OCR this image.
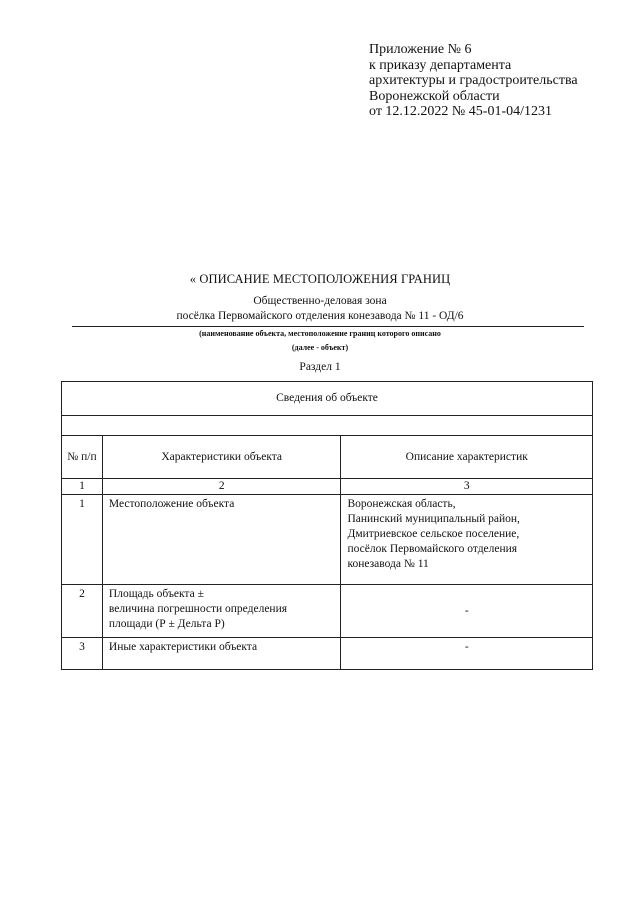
Приложение № 6
к приказу департамента
архитектуры и градостроительства
Воронежской области
от 12.12.2022 № 45-01-04/1231
« ОПИСАНИЕ МЕСТОПОЛОЖЕНИЯ ГРАНИЦ
Общественно-деловая зона
посёлка Первомайского отделения конезавода № 11 - ОД/6
(наименование объекта, местоположение границ которого описано
(далее - объект)
Раздел 1
Сведения об объекте		

№ п/п	Характеристики объекта	Описание характеристик
1	2	3
1	Местоположение объекта	Воронежская область,
Панинский муниципальный район,
Дмитриевское сельское поселение,
посёлок Первомайского отделения
конезавода № 11

2	Площадь объекта ±
величина погрешности определения
площади (Р ± Дельта Р)	-
3	Иные характеристики объекта	-
